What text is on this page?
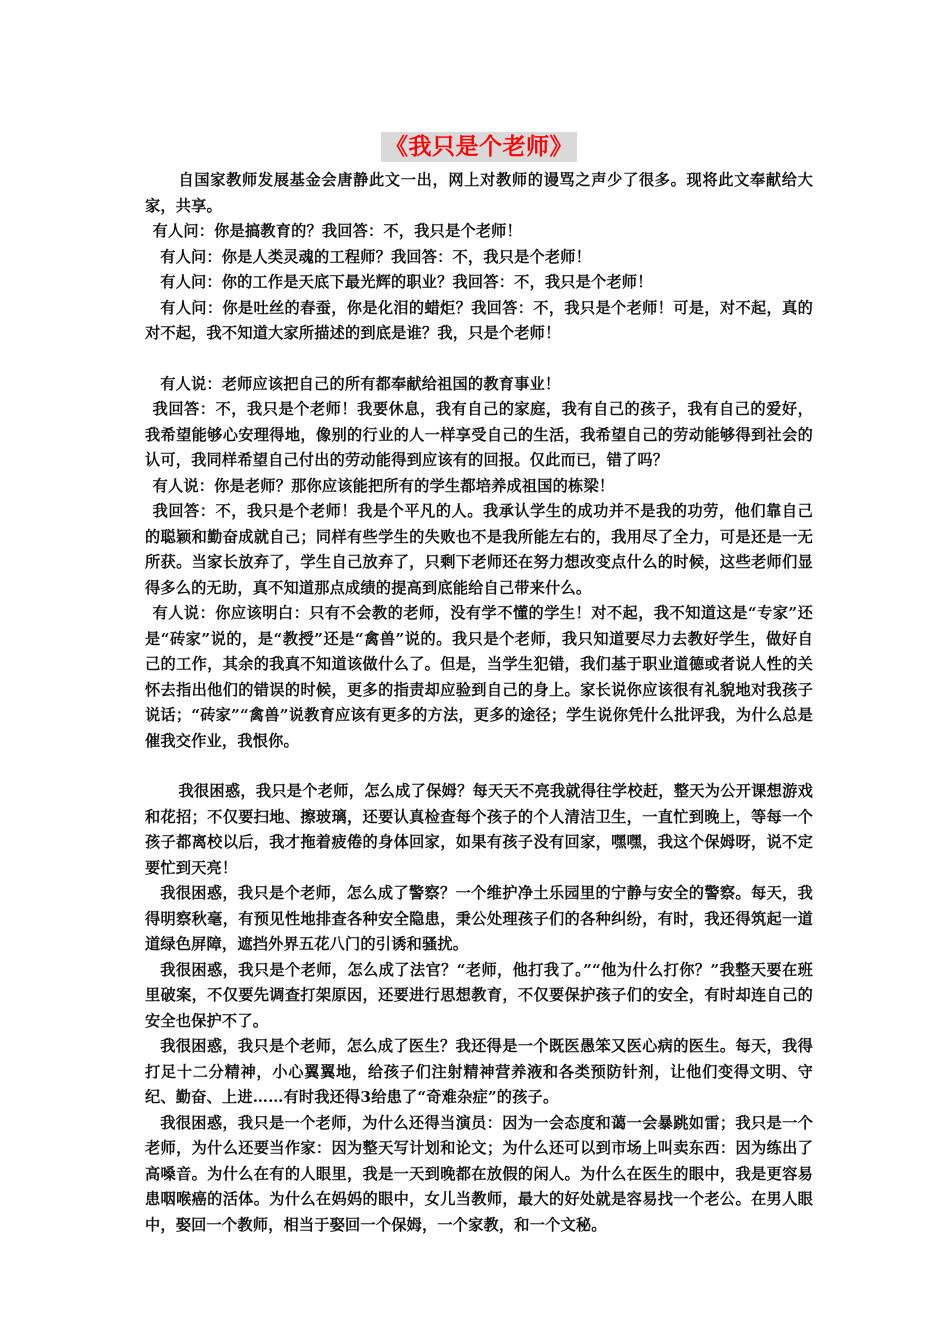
《我只是个老师》

自国家教师发展基金会唐静此文一出，网上对教师的谩骂之声少了很多。现将此文奉献给大家，共享。

有人问：你是搞教育的？我回答：不，我只是个老师！

有人问：你是人类灵魂的工程师？我回答：不，我只是个老师！

有人问：你的工作是天底下最光辉的职业？我回答：不，我只是个老师！

有人问：你是吐丝的春蚕，你是化泪的蜡炬？我回答：不，我只是个老师！可是，对不起，真的对不起，我不知道大家所描述的到底是谁？我，只是个老师！

有人说：老师应该把自己的所有都奉献给祖国的教育事业！

我回答：不，我只是个老师！我要休息，我有自己的家庭，我有自己的孩子，我有自己的爱好，我希望能够心安理得地，像别的行业的人一样享受自己的生活，我希望自己的劳动能够得到社会的认可，我同样希望自己付出的劳动能得到应该有的回报。仅此而已，错了吗？

有人说：你是老师？那你应该能把所有的学生都培养成祖国的栋梁！

我回答：不，我只是个老师！我是个平凡的人。我承认学生的成功并不是我的功劳，他们靠自己的聪颖和勤奋成就自己；同样有些学生的失败也不是我所能左右的，我用尽了全力，可是还是一无所获。当家长放弃了，学生自己放弃了，只剩下老师还在努力想改变点什么的时候，这些老师们显得多么的无助，真不知道那点成绩的提高到底能给自己带来什么。

有人说：你应该明白：只有不会教的老师，没有学不懂的学生！对不起，我不知道这是“专家”还是“砖家”说的，是“教授”还是“禽兽”说的。我只是个老师，我只知道要尽力去教好学生，做好自己的工作，其余的我真不知道该做什么了。但是，当学生犯错，我们基于职业道德或者说人性的关怀去指出他们的错误的时候，更多的指责却应验到自己的身上。家长说你应该很有礼貌地对我孩子说话；“砖家”“禽兽”说教育应该有更多的方法，更多的途径；学生说你凭什么批评我，为什么总是催我交作业，我恨你。

我很困惑，我只是个老师，怎么成了保姆？每天天不亮我就得往学校赶，整天为公开课想游戏和花招；不仅要扫地、擦玻璃，还要认真检查每个孩子的个人清洁卫生，一直忙到晚上，等每一个孩子都离校以后，我才拖着疲倦的身体回家，如果有孩子没有回家，嘿嘿，我这个保姆呀，说不定要忙到天亮！

我很困惑，我只是个老师，怎么成了警察？一个维护净土乐园里的宁静与安全的警察。每天，我得明察秋毫，有预见性地排查各种安全隐患，秉公处理孩子们的各种纠纷，有时，我还得筑起一道道绿色屏障，遮挡外界五花八门的引诱和骚扰。

我很困惑，我只是个老师，怎么成了法官？“老师，他打我了。”“他为什么打你？”我整天要在班里破案，不仅要先调查打架原因，还要进行思想教育，不仅要保护孩子们的安全，有时却连自己的安全也保护不了。

我很困惑，我只是个老师，怎么成了医生？我还得是一个既医愚笨又医心病的医生。每天，我得打足十二分精神，小心翼翼地，给孩子们注射精神营养液和各类预防针剂，让他们变得文明、守纪、勤奋、上进……有时我还得3给患了“奇难杂症”的孩子。

我很困惑，我只是一个老师，为什么还得当演员：因为一会态度和蔼一会暴跳如雷；我只是一个老师，为什么还要当作家：因为整天写计划和论文；为什么还可以到市场上叫卖东西：因为练出了高嗓音。为什么在有的人眼里，我是一天到晚都在放假的闲人。为什么在医生的眼中，我是更容易患咽喉癌的活体。为什么在妈妈的眼中，女儿当教师，最大的好处就是容易找一个老公。在男人眼中，娶回一个教师，相当于娶回一个保姆，一个家教，和一个文秘。
